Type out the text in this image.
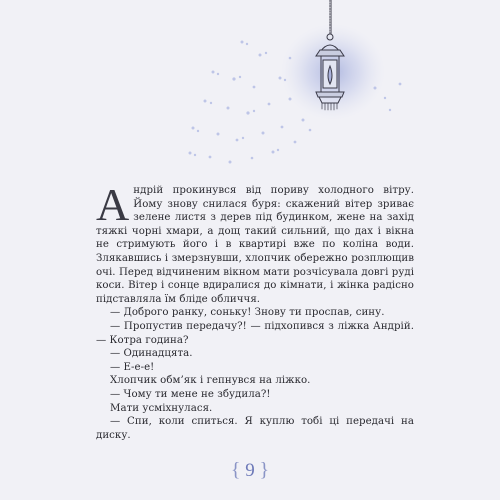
Андрій прокинувся від пориву холодного вітру. Йому знову снилася буря: скажений вітер зриває зелене листя з дерев під будинком, жене на захід тяжкі чорні хмари, а дощ такий сильний, що дах і вікна не стримують його і в квартирі вже по коліна води. Злякавшись і змерзнувши, хлопчик обережно розплющив очі. Перед відчиненим вікном мати розчісувала довгі руді коси. Вітер і сонце вдиралися до кімнати, і жінка радісно підставляла їм бліде обличчя.

— Доброго ранку, соньку! Знову ти проспав, сину.

— Пропустив передачу?! — підхопився з ліжка Андрій. — Котра година?

— Одинадцята.

— Е-е-е!

Хлопчик обм’як і гепнувся на ліжко.

— Чому ти мене не збудила?!

Мати усміхнулася.

— Спи, коли спиться. Я куплю тобі ці передачі на диску.

{ 9 }
